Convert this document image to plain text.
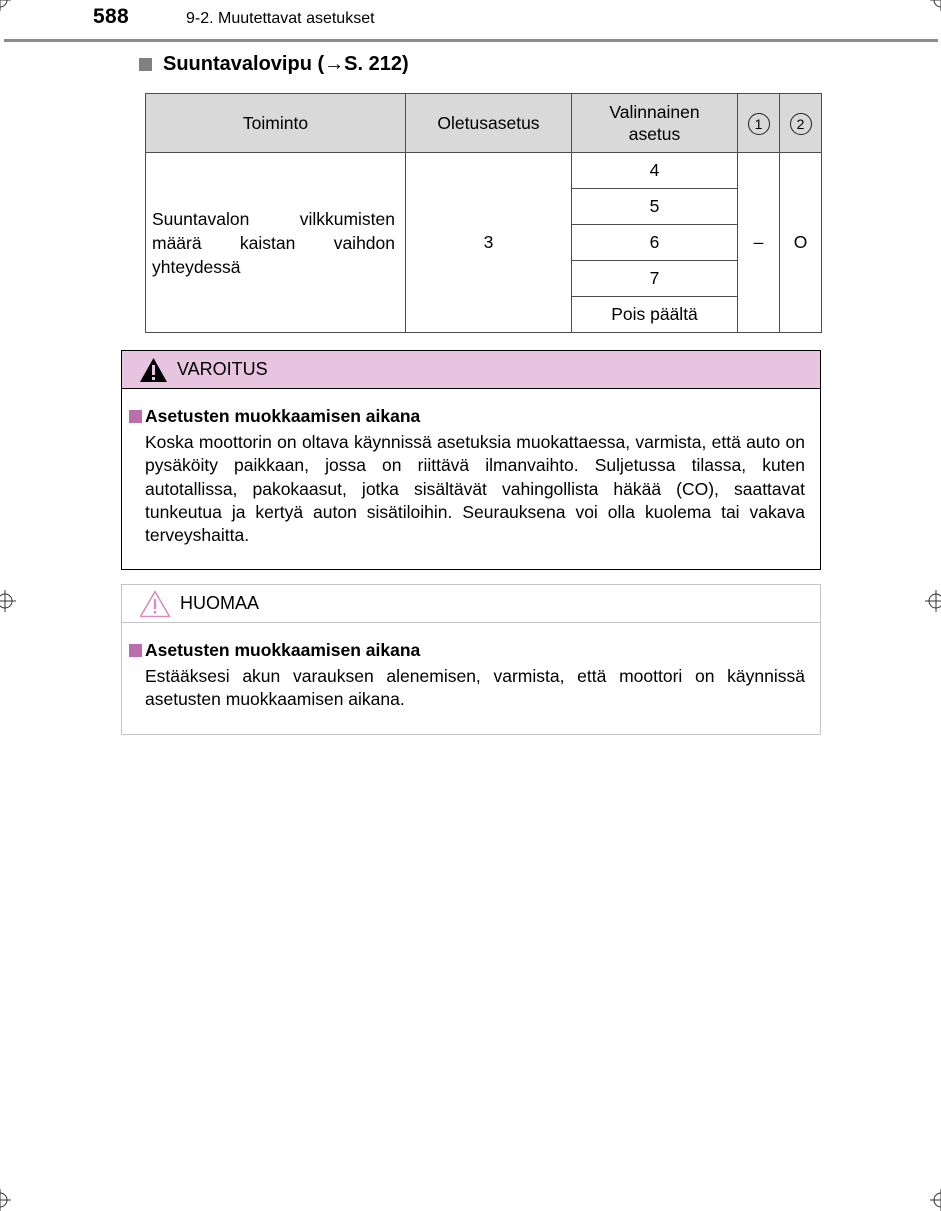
588	9-2. Muutettavat asetukset
Suuntavalovipu (→S. 212)
Toiminto	Oletusasetus	Valinnainen asetus	1	2
Suuntavalon vilkkumisten määrä kaistan vaihdon yhteydessä	3	4	–	O
		5		
		6		
		7		
		Pois päältä		
VAROITUS
Asetusten muokkaamisen aikana
Koska moottorin on oltava käynnissä asetuksia muokattaessa, varmista, että auto on pysäköity paikkaan, jossa on riittävä ilmanvaihto. Suljetussa tilassa, kuten autotallissa, pakokaasut, jotka sisältävät vahingollista häkää (CO), saattavat tunkeutua ja kertyä auton sisätiloihin. Seurauksena voi olla kuolema tai vakava terveyshaitta.
HUOMAA
Asetusten muokkaamisen aikana
Estääksesi akun varauksen alenemisen, varmista, että moottori on käynnissä asetusten muokkaamisen aikana.
